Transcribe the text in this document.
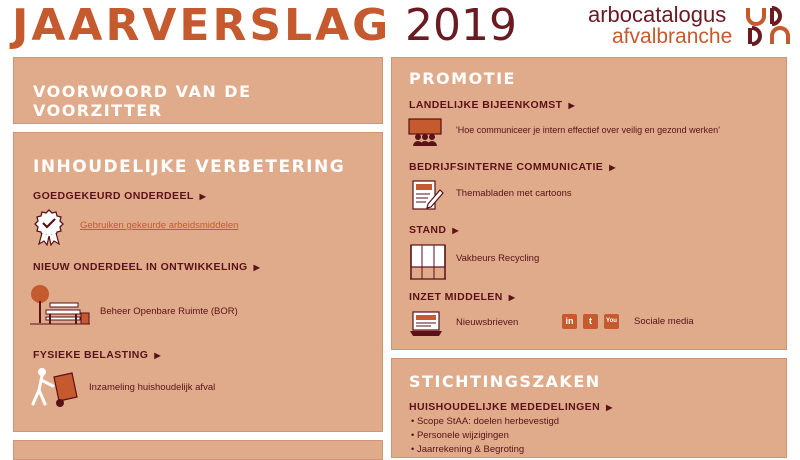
JAARVERSLAG 2019	arbocatalogus
afvalbranche
VOORWOORD VAN DE VOORZITTER
INHOUDELIJKE VERBETERING
GOEDGEKEURD ONDERDEEL ▶
Gebruiken gekeurde arbeidsmiddelen
NIEUW ONDERDEEL IN ONTWIKKELING ▶
Beheer Openbare Ruimte (BOR)
FYSIEKE BELASTING ▶
Inzameling huishoudelijk afval
PROMOTIE
LANDELIJKE BIJEENKOMST ▶
'Hoe communiceer je intern effectief over veilig en gezond werken'
BEDRIJFSINTERNE COMMUNICATIE ▶
Themabladen met cartoons
STAND ▶
Vakbeurs Recycling
INZET MIDDELEN ▶
Nieuwsbrieven	in	t	You Sociale media
STICHTINGSZAKEN
HUISHOUDELIJKE MEDEDELINGEN ▶
• Scope StAA: doelen herbevestigd
• Personele wijzigingen
• Jaarrekening & Begroting
